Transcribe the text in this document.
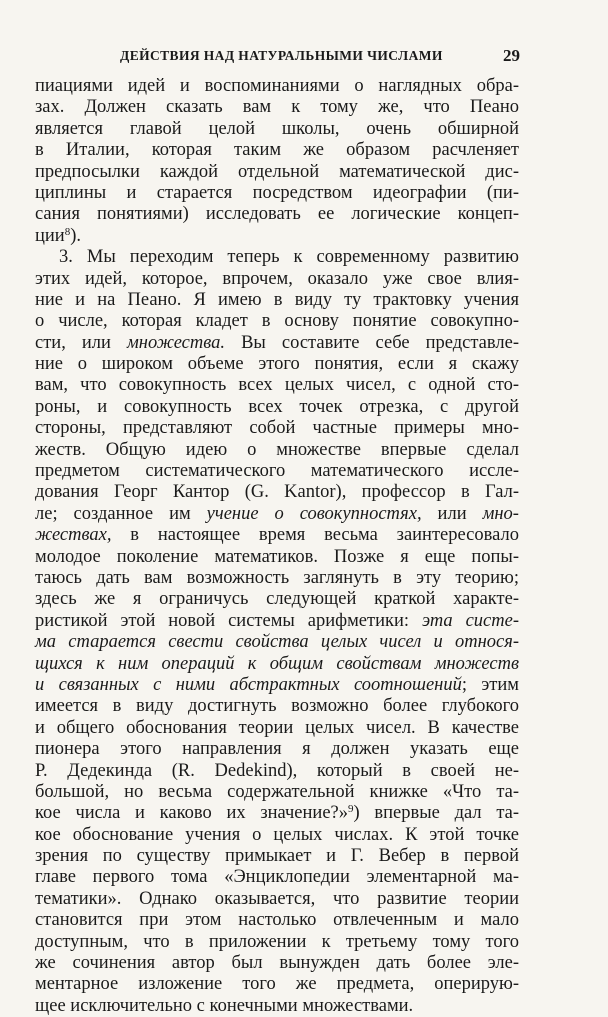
ДЕЙСТВИЯ НАД НАТУРАЛЬНЫМИ ЧИСЛАМИ	29
пиациями идей и воспоминаниями о наглядных обра-
зах. Должен сказать вам к тому же, что Пеано
является главой целой школы, очень обширной
в Италии, которая таким же образом расчленяет
предпосылки каждой отдельной математической дис-
циплины и старается посредством идеографии (пи-
сания понятиями) исследовать ее логические концеп-
ции$^8$).
3. Мы переходим теперь к современному развитию
этих идей, которое, впрочем, оказало уже свое влия-
ние и на Пеано. Я имею в виду ту трактовку учения
о числе, которая кладет в основу понятие совокупно-
сти, или множества. Вы составите себе представле-
ние о широком объеме этого понятия, если я скажу
вам, что совокупность всех целых чисел, с одной сто-
роны, и совокупность всех точек отрезка, с другой
стороны, представляют собой частные примеры мно-
жеств. Общую идею о множестве впервые сделал
предметом систематического математического иссле-
дования Георг Кантор (G. Kantor), профессор в Гал-
ле; созданное им учение о совокупностях, или мно-
жествах, в настоящее время весьма заинтересовало
молодое поколение математиков. Позже я еще попы-
таюсь дать вам возможность заглянуть в эту теорию;
здесь же я ограничусь следующей краткой характе-
ристикой этой новой системы арифметики: эта систе-
ма старается свести свойства целых чисел и относя-
щихся к ним операций к общим свойствам множеств
и связанных с ними абстрактных соотношений; этим
имеется в виду достигнуть возможно более глубокого
и общего обоснования теории целых чисел. В качестве
пионера этого направления я должен указать еще
Р. Дедекинда (R. Dedekind), который в своей не-
большой, но весьма содержательной книжке «Что та-
кое числа и каково их значение?»$^9$) впервые дал та-
кое обоснование учения о целых числах. К этой точке
зрения по существу примыкает и Г. Вебер в первой
главе первого тома «Энциклопедии элементарной ма-
тематики». Однако оказывается, что развитие теории
становится при этом настолько отвлеченным и мало
доступным, что в приложении к третьему тому того
же сочинения автор был вынужден дать более элe-
ментарное изложение того же предмета, оперирую-
щее исключительно с конечными множествами.
